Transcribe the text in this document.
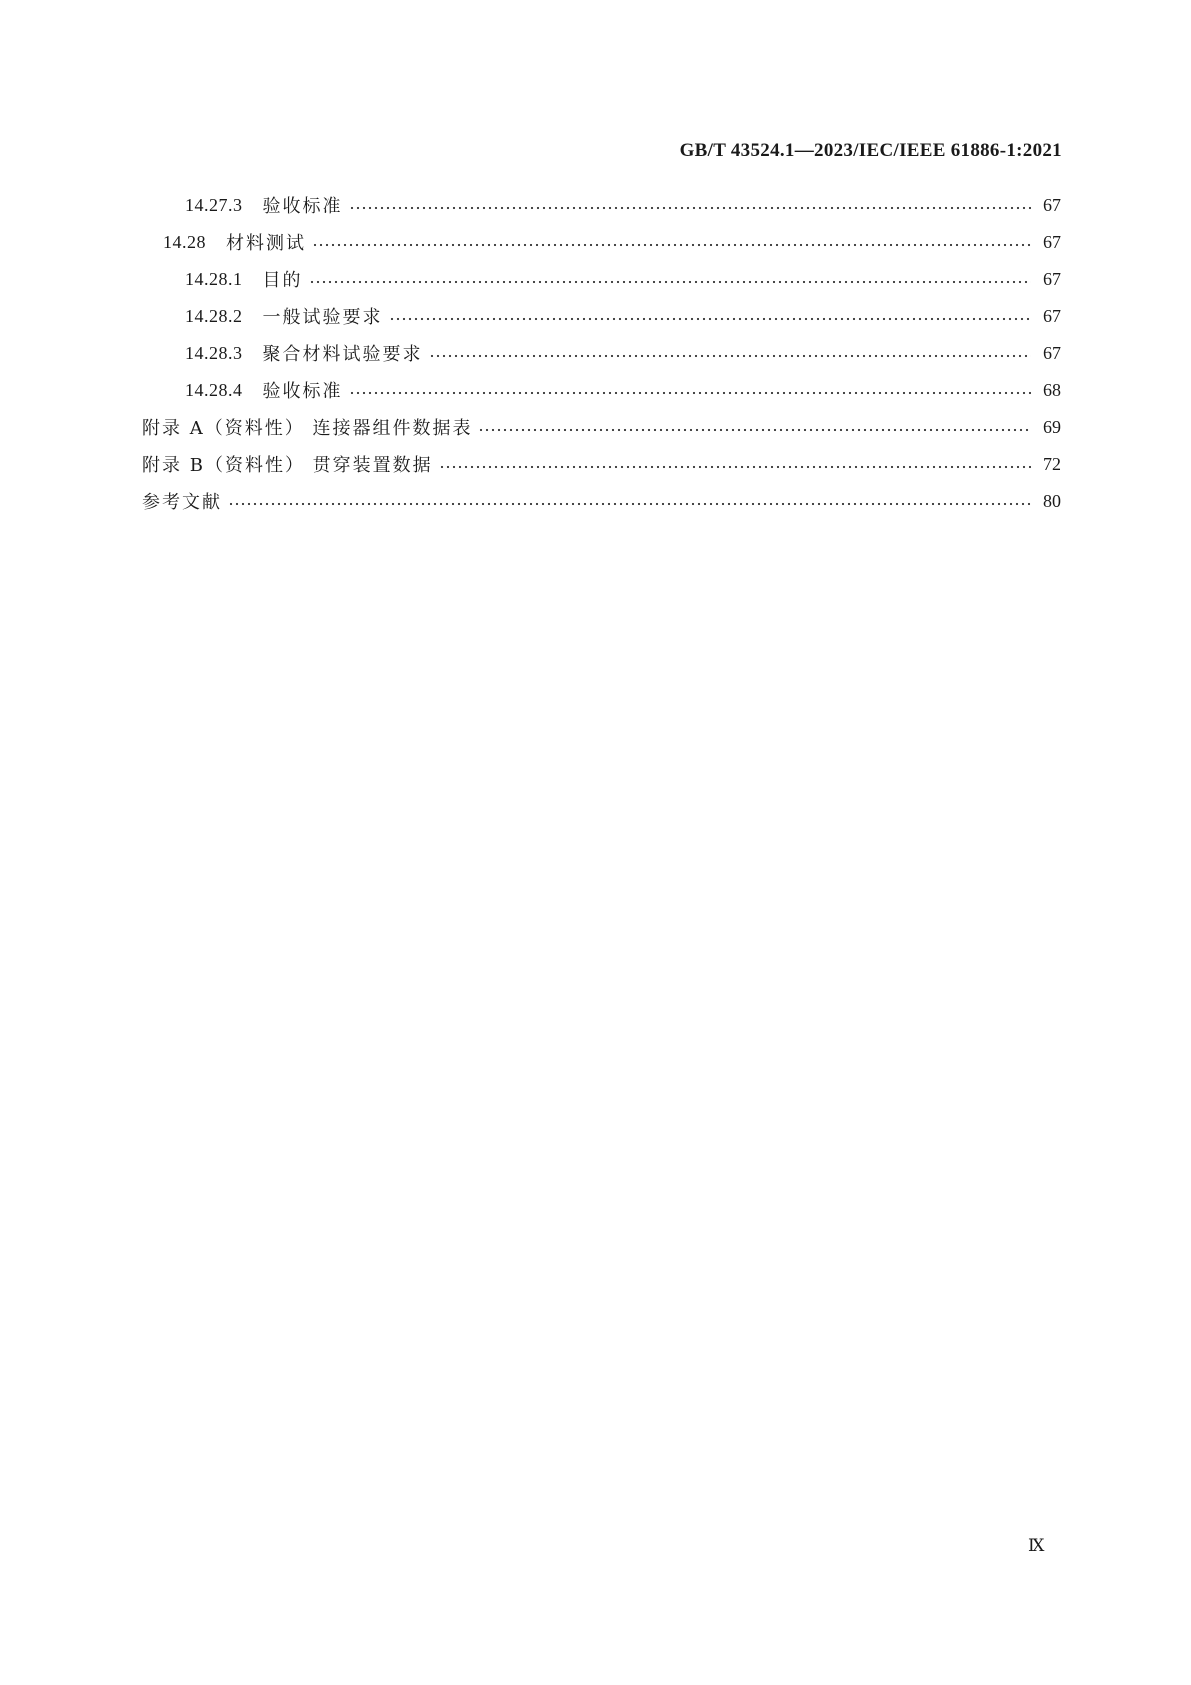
GB/T 43524.1—2023/IEC/IEEE 61886-1:2021
14.27.3 验收标准	67
14.28 材料测试	67
14.28.1 目的	67
14.28.2 一般试验要求	67
14.28.3 聚合材料试验要求	67
14.28.4 验收标准	68
附录 A（资料性） 连接器组件数据表	69
附录 B（资料性） 贯穿装置数据	72
参考文献	80
Ⅸ
